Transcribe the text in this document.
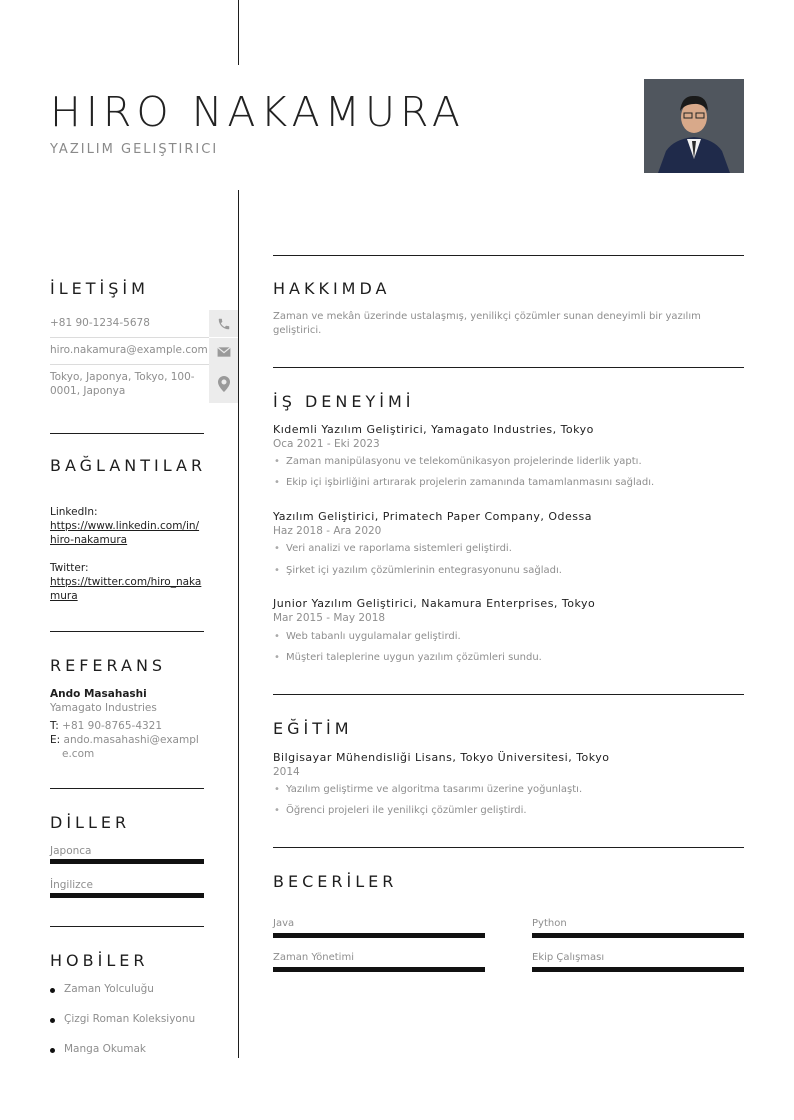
HIRO NAKAMURA
YAZILIM GELIŞTIRICI
İLETİŞİM
+81 90-1234-5678
hiro.nakamura@example.com
Tokyo, Japonya, Tokyo, 100-0001, Japonya
BAĞLANTILAR
LinkedIn:
https://www.linkedin.com/in/hiro-nakamura
Twitter:
https://twitter.com/hiro_nakamura
REFERANS
Ando Masahashi
Yamagato Industries
T: +81 90-8765-4321
E: ando.masahashi@example.com
DİLLER
Japonca
İngilizce
HOBİLER
Zaman Yolculuğu
Çizgi Roman Koleksiyonu
Manga Okumak
HAKKIMDA
Zaman ve mekân üzerinde ustalaşmış, yenilikçi çözümler sunan deneyimli bir yazılım geliştirici.
İŞ DENEYİMİ
Kıdemli Yazılım Geliştirici, Yamagato Industries, Tokyo
Oca 2021 - Eki 2023
• Zaman manipülasyonu ve telekomünikasyon projelerinde liderlik yaptı.
• Ekip içi işbirliğini artırarak projelerin zamanında tamamlanmasını sağladı.
Yazılım Geliştirici, Primatech Paper Company, Odessa
Haz 2018 - Ara 2020
• Veri analizi ve raporlama sistemleri geliştirdi.
• Şirket içi yazılım çözümlerinin entegrasyonunu sağladı.
Junior Yazılım Geliştirici, Nakamura Enterprises, Tokyo
Mar 2015 - May 2018
• Web tabanlı uygulamalar geliştirdi.
• Müşteri taleplerine uygun yazılım çözümleri sundu.
EĞİTİM
Bilgisayar Mühendisliği Lisans, Tokyo Üniversitesi, Tokyo
2014
• Yazılım geliştirme ve algoritma tasarımı üzerine yoğunlaştı.
• Öğrenci projeleri ile yenilikçi çözümler geliştirdi.
BECERİLER
Java	Python
Zaman Yönetimi	Ekip Çalışması
